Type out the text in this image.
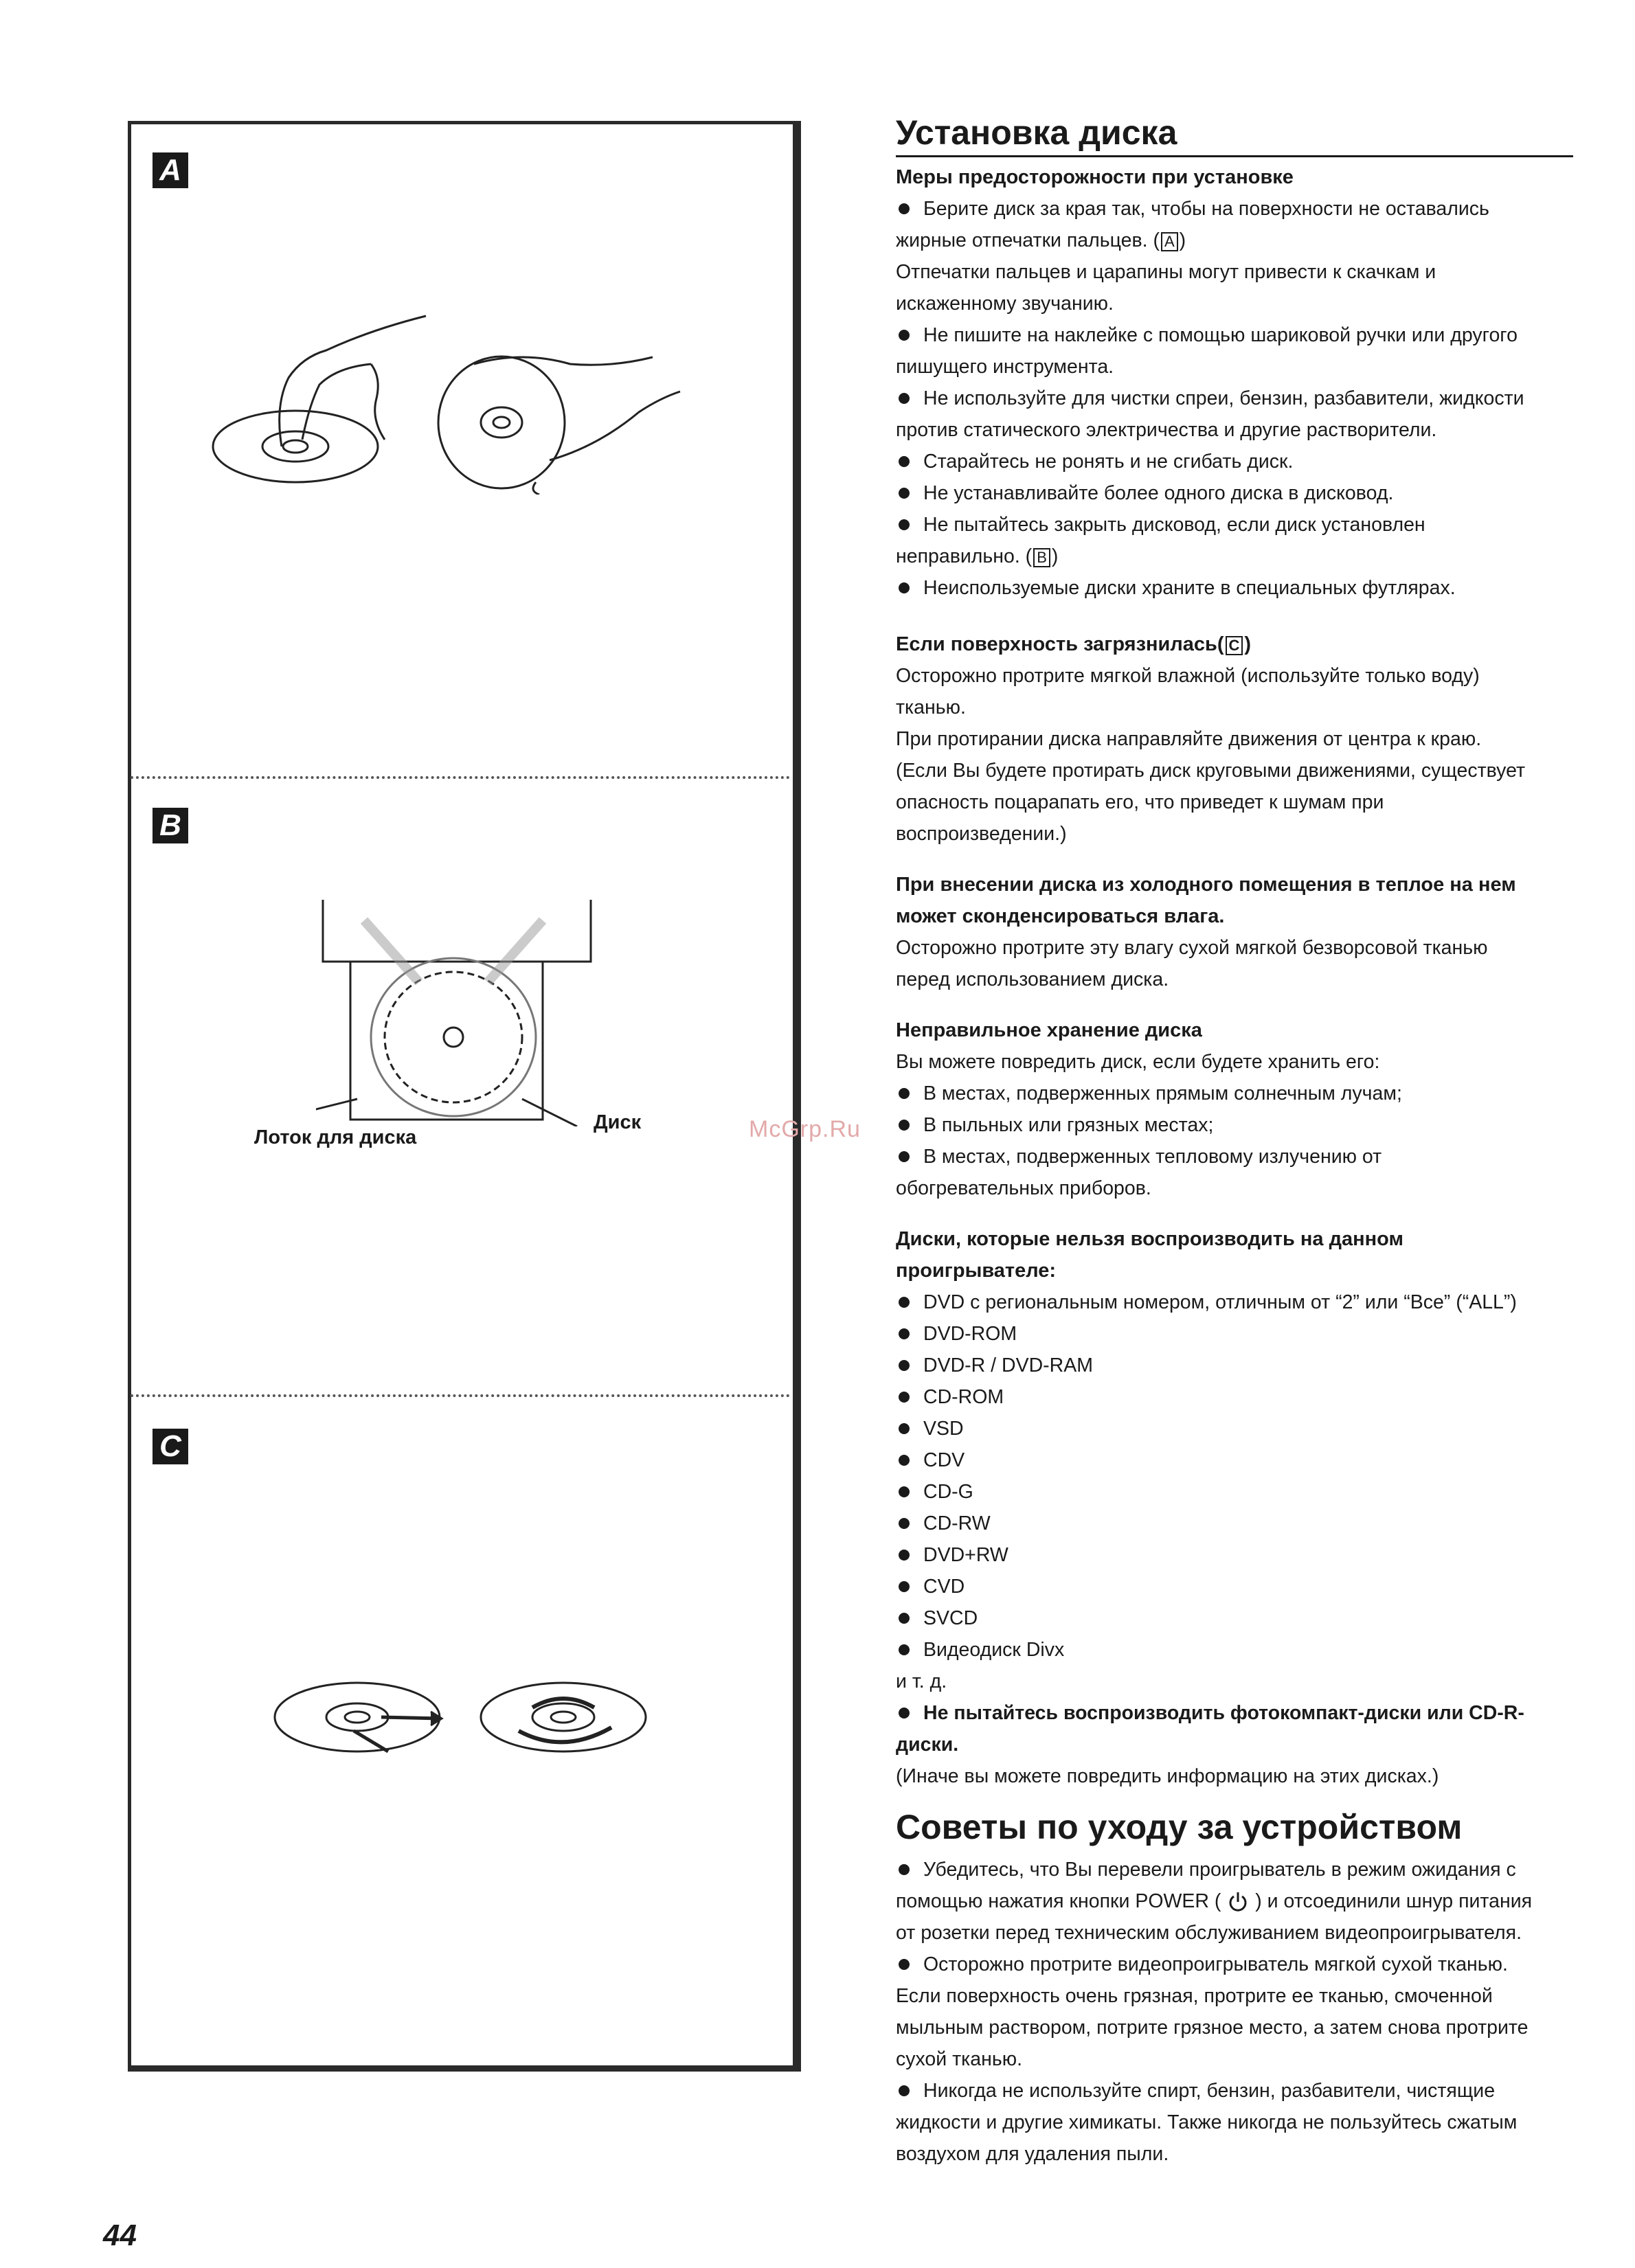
A
B
C
Лоток для диска
Диск	McGrp.Ru
44
Установка диска
Меры предосторожности при установке
Берите диск за края так, чтобы на поверхности не оставались

жирные отпечатки пальцев. ( A )

Отпечатки пальцев и царапины могут привести к скачкам и

искаженному звучанию.

Не пишите на наклейке с помощью шариковой ручки или другого

пишущего инструмента.

Не используйте для чистки спреи, бензин, разбавители, жидкости

против статического электричества и другие растворители.

Старайтесь не ронять и не сгибать диск.
Не устанавливайте более одного диска в дисковод.
Не пытайтесь закрыть дисковод, если диск установлен

неправильно. ( B )

Неиспользуемые диски храните в специальных футлярах.
Если поверхность загрязнилась( C )

Осторожно протрите мягкой влажной (используйте только воду)

тканью.

При протирании диска направляйте движения от центра к краю.

(Если Вы будете протирать диск круговыми движениями, существует

опасность поцарапать его, что приведет к шумам при

воспроизведении.)

При внесении диска из холодного помещения в теплое на нем
может сконденсироваться влага.

Осторожно протрите эту влагу сухой мягкой безворсовой тканью

перед использованием диска.

Неправильное хранение диска

Вы можете повредить диск, если будете хранить его:

В местах, подверженных прямым солнечным лучам;
В пыльных или грязных местах;
В местах, подверженных тепловому излучению от

обогревательных приборов.

Диски, которые нельзя воспроизводить на данном
проигрывателе:
DVD с региональным номером, отличным от “2” или “Все” (“ALL”)
DVD-ROM
DVD-R / DVD-RAM
CD-ROM
VSD
CDV
CD-G
CD-RW
DVD+RW
CVD
SVCD
Видеодиск Divx

и т. д.

Не пытайтесь воспроизводить фотокомпакт-диски или CD-R-

диски.

(Иначе вы можете повредить информацию на этих дисках.)

Советы по уходу за устройством
Убедитесь, что Вы перевели проигрыватель в режим ожидания с

помощью нажатия кнопки POWER ( ) и отсоединили шнур питания

от розетки перед техническим обслуживанием видеопроигрывателя.

Осторожно протрите видеопроигрыватель мягкой сухой тканью.

Если поверхность очень грязная, протрите ее тканью, смоченной

мыльным раствором, потрите грязное место, а затем снова протрите

сухой тканью.

Никогда не используйте спирт, бензин, разбавители, чистящие

жидкости и другие химикаты. Также никогда не пользуйтесь сжатым

воздухом для удаления пыли.
